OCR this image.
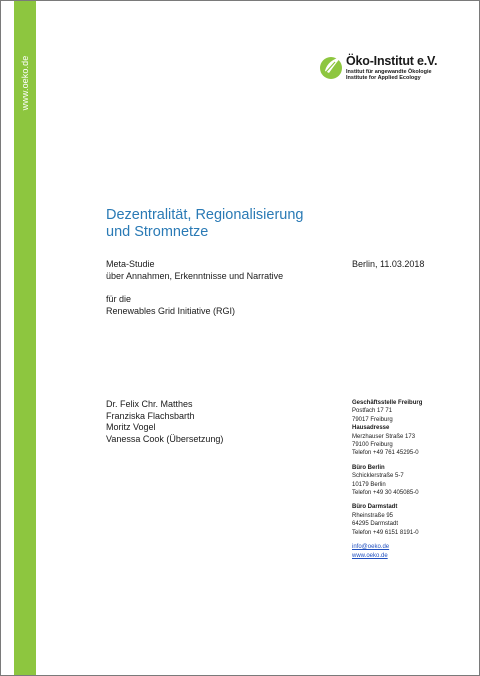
www.oeko.de	Öko-Institut e.V.
Institut für angewandte Ökologie
Institute for Applied Ecology
Dezentralität, Regionalisierung
und Stromnetze
Meta-Studie
über Annahmen, Erkenntnisse und Narrative
Berlin, 11.03.2018
für die
Renewables Grid Initiative (RGI)
Dr. Felix Chr. Matthes
Franziska Flachsbarth
Moritz Vogel
Vanessa Cook (Übersetzung)
Geschäftsstelle Freiburg
Postfach 17 71
79017 Freiburg
Hausadresse
Merzhauser Straße 173
79100 Freiburg
Telefon +49 761 45295-0
Büro Berlin
Schicklerstraße 5-7
10179 Berlin
Telefon +49 30 405085-0
Büro Darmstadt
Rheinstraße 95
64295 Darmstadt
Telefon +49 6151 8191-0
info@oeko.de
www.oeko.de
